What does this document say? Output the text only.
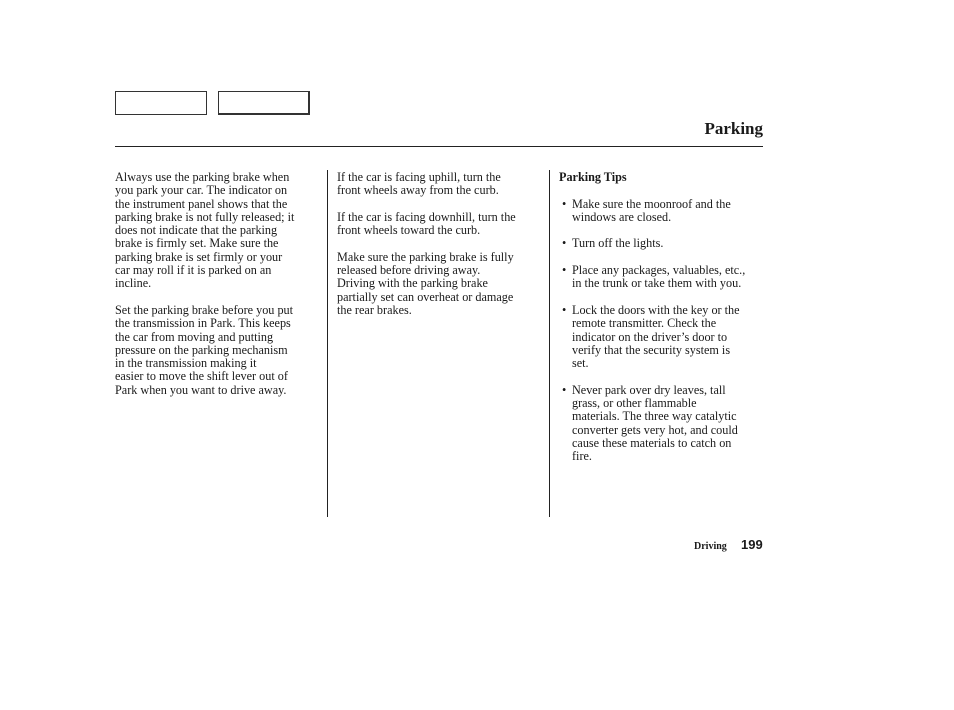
Parking

Always use the parking brake when
you park your car. The indicator on
the instrument panel shows that the
parking brake is not fully released; it
does not indicate that the parking
brake is firmly set. Make sure the
parking brake is set firmly or your
car may roll if it is parked on an
incline.

Set the parking brake before you put
the transmission in Park. This keeps
the car from moving and putting
pressure on the parking mechanism
in the transmission making it
easier to move the shift lever out of
Park when you want to drive away.

If the car is facing uphill, turn the
front wheels away from the curb.

If the car is facing downhill, turn the
front wheels toward the curb.

Make sure the parking brake is fully
released before driving away.
Driving with the parking brake
partially set can overheat or damage
the rear brakes.

Parking Tips

• Make sure the moonroof and the
windows are closed.
• Turn off the lights.
• Place any packages, valuables, etc.,
in the trunk or take them with you.
• Lock the doors with the key or the
remote transmitter. Check the
indicator on the driver’s door to
verify that the security system is
set.
• Never park over dry leaves, tall
grass, or other flammable
materials. The three way catalytic
converter gets very hot, and could
cause these materials to catch on
fire.
Driving 199
